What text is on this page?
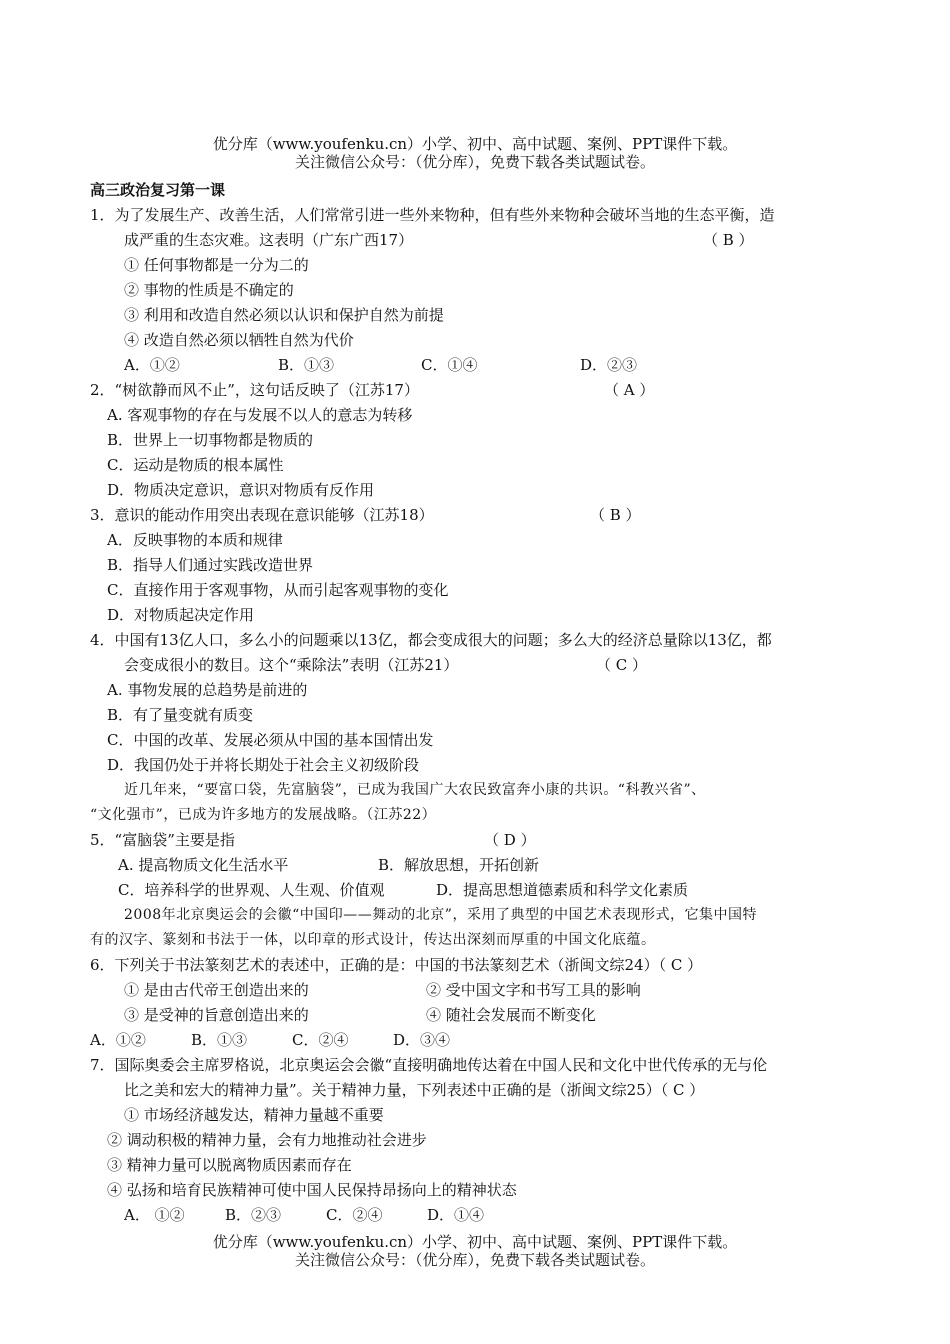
优分库（www.youfenku.cn）小学、初中、高中试题、案例、PPT课件下载。
关注微信公众号：（优分库），免费下载各类试题试卷。
高三政治复习第一课
1．为了发展生产、改善生活，人们常常引进一些外来物种，但有些外来物种会破坏当地的生态平衡，造
成严重的生态灾难。这表明（广东广西17）	（ B ）
① 任何事物都是一分为二的
② 事物的性质是不确定的
③ 利用和改造自然必须以认识和保护自然为前提
④ 改造自然必须以牺牲自然为代价
A．①②	B．①③	C．①④	D．②③
2．“树欲静而风不止”，这句话反映了（江苏17）	（ A ）
A. 客观事物的存在与发展不以人的意志为转移
B．世界上一切事物都是物质的
C．运动是物质的根本属性
D．物质决定意识，意识对物质有反作用
3．意识的能动作用突出表现在意识能够（江苏18）	（ B ）
A．反映事物的本质和规律
B．指导人们通过实践改造世界
C．直接作用于客观事物，从而引起客观事物的变化
D．对物质起决定作用
4．中国有13亿人口，多么小的问题乘以13亿，都会变成很大的问题；多么大的经济总量除以13亿，都
会变成很小的数目。这个“乘除法”表明（江苏21）	（ C ）
A. 事物发展的总趋势是前进的
B．有了量变就有质变
C．中国的改革、发展必须从中国的基本国情出发
D．我国仍处于并将长期处于社会主义初级阶段
近几年来，“要富口袋，先富脑袋”，已成为我国广大农民致富奔小康的共识。“科教兴省”、
“文化强市”，已成为许多地方的发展战略。（江苏22）
5．“富脑袋”主要是指	（ D ）
A. 提高物质文化生活水平	B．解放思想，开拓创新
C．培养科学的世界观、人生观、价值观	D．提高思想道德素质和科学文化素质
2008年北京奥运会的会徽“中国印——舞动的北京”，采用了典型的中国艺术表现形式，它集中国特
有的汉字、篆刻和书法于一体，以印章的形式设计，传达出深刻而厚重的中国文化底蕴。
6．下列关于书法篆刻艺术的表述中，正确的是：中国的书法篆刻艺术（浙闽文综24）（ C ）
① 是由古代帝王创造出来的	② 受中国文字和书写工具的影响
③ 是受神的旨意创造出来的	④ 随社会发展而不断变化
A．①②	B．①③	C．②④	D．③④
7．国际奥委会主席罗格说，北京奥运会会徽“直接明确地传达着在中国人民和文化中世代传承的无与伦
比之美和宏大的精神力量”。关于精神力量，下列表述中正确的是（浙闽文综25）（ C ）
① 市场经济越发达，精神力量越不重要
② 调动积极的精神力量，会有力地推动社会进步
③ 精神力量可以脱离物质因素而存在
④ 弘扬和培育民族精神可使中国人民保持昂扬向上的精神状态
A． ①②	B．②③	C．②④	D．①④
优分库（www.youfenku.cn）小学、初中、高中试题、案例、PPT课件下载。
关注微信公众号：（优分库），免费下载各类试题试卷。
